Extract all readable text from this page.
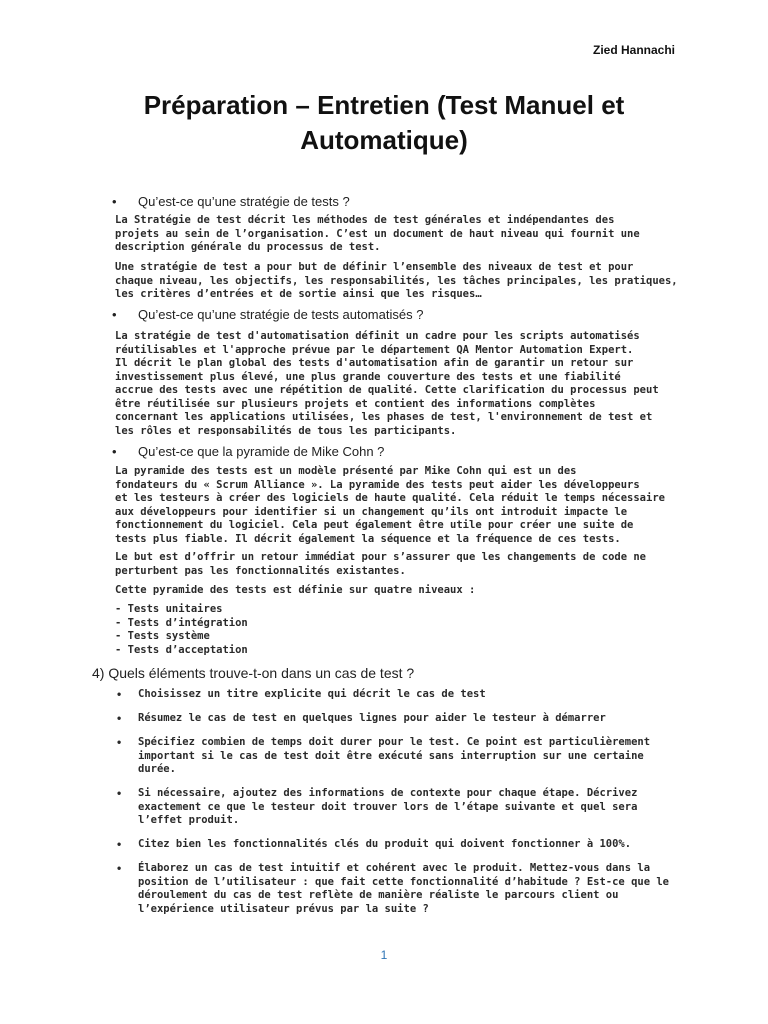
Zied Hannachi
Préparation – Entretien (Test Manuel et
Automatique)
• Qu’est-ce qu’une stratégie de tests ?
La Stratégie de test décrit les méthodes de test générales et indépendantes des
projets au sein de l’organisation. C’est un document de haut niveau qui fournit une
description générale du processus de test.
Une stratégie de test a pour but de définir l’ensemble des niveaux de test et pour
chaque niveau, les objectifs, les responsabilités, les tâches principales, les pratiques,
les critères d’entrées et de sortie ainsi que les risques…
• Qu’est-ce qu’une stratégie de tests automatisés ?
La stratégie de test d'automatisation définit un cadre pour les scripts automatisés
réutilisables et l'approche prévue par le département QA Mentor Automation Expert.
Il décrit le plan global des tests d'automatisation afin de garantir un retour sur
investissement plus élevé, une plus grande couverture des tests et une fiabilité
accrue des tests avec une répétition de qualité. Cette clarification du processus peut
être réutilisée sur plusieurs projets et contient des informations complètes
concernant les applications utilisées, les phases de test, l'environnement de test et
les rôles et responsabilités de tous les participants.
• Qu’est-ce que la pyramide de Mike Cohn ?
La pyramide des tests est un modèle présenté par Mike Cohn qui est un des
fondateurs du « Scrum Alliance ». La pyramide des tests peut aider les développeurs
et les testeurs à créer des logiciels de haute qualité. Cela réduit le temps nécessaire
aux développeurs pour identifier si un changement qu’ils ont introduit impacte le
fonctionnement du logiciel. Cela peut également être utile pour créer une suite de
tests plus fiable. Il décrit également la séquence et la fréquence de ces tests.
Le but est d’offrir un retour immédiat pour s’assurer que les changements de code ne
perturbent pas les fonctionnalités existantes.
Cette pyramide des tests est définie sur quatre niveaux :
- Tests unitaires
- Tests d’intégration
- Tests système
- Tests d’acceptation
4) Quels éléments trouve-t-on dans un cas de test ?
• Choisissez un titre explicite qui décrit le cas de test
• Résumez le cas de test en quelques lignes pour aider le testeur à démarrer
• Spécifiez combien de temps doit durer pour le test. Ce point est particulièrement
important si le cas de test doit être exécuté sans interruption sur une certaine
durée.
• Si nécessaire, ajoutez des informations de contexte pour chaque étape. Décrivez
exactement ce que le testeur doit trouver lors de l’étape suivante et quel sera
l’effet produit.
• Citez bien les fonctionnalités clés du produit qui doivent fonctionner à 100%.
• Élaborez un cas de test intuitif et cohérent avec le produit. Mettez-vous dans la
position de l’utilisateur : que fait cette fonctionnalité d’habitude ? Est-ce que le
déroulement du cas de test reflète de manière réaliste le parcours client ou
l’expérience utilisateur prévus par la suite ?
1
